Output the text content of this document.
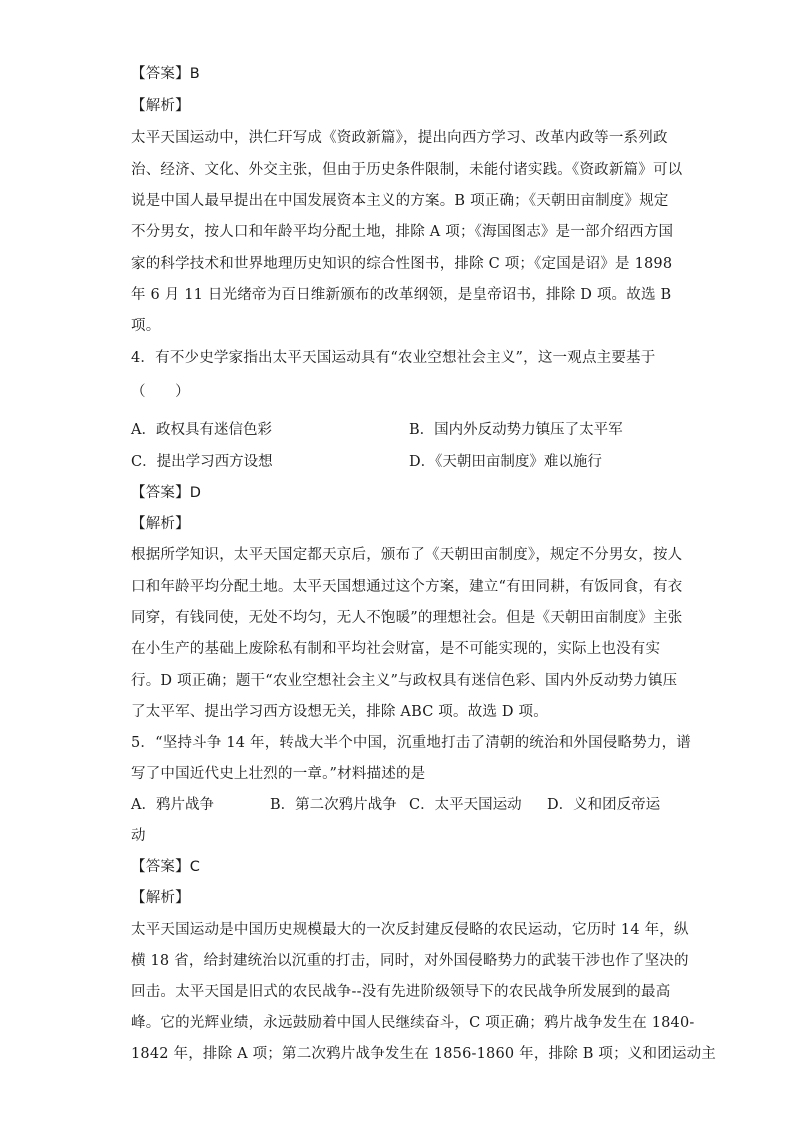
【答案】B
【解析】
太平天国运动中，洪仁玕写成《资政新篇》，提出向西方学习、改革内政等一系列政
治、经济、文化、外交主张，但由于历史条件限制，未能付诸实践。《资政新篇》可以
说是中国人最早提出在中国发展资本主义的方案。B 项正确；《天朝田亩制度》规定
不分男女，按人口和年龄平均分配土地，排除 A 项；《海国图志》是一部介绍西方国
家的科学技术和世界地理历史知识的综合性图书，排除 C 项；《定国是诏》是 1898
年 6 月 11 日光绪帝为百日维新颁布的改革纲领，是皇帝诏书，排除 D 项。故选 B
项。
4．有不少史学家指出太平天国运动具有“农业空想社会主义”，这一观点主要基于
（　　）
A．政权具有迷信色彩	B．国内外反动势力镇压了太平军
C．提出学习西方设想	D．《天朝田亩制度》难以施行
【答案】D
【解析】
根据所学知识，太平天国定都天京后，颁布了《天朝田亩制度》，规定不分男女，按人
口和年龄平均分配土地。太平天国想通过这个方案，建立“有田同耕，有饭同食，有衣
同穿，有钱同使，无处不均匀，无人不饱暖”的理想社会。但是《天朝田亩制度》主张
在小生产的基础上废除私有制和平均社会财富，是不可能实现的，实际上也没有实
行。D 项正确；题干“农业空想社会主义”与政权具有迷信色彩、国内外反动势力镇压
了太平军、提出学习西方设想无关，排除 ABC 项。故选 D 项。
5．“坚持斗争 14 年，转战大半个中国，沉重地打击了清朝的统治和外国侵略势力，谱
写了中国近代史上壮烈的一章。”材料描述的是
A．鸦片战争	B．第二次鸦片战争 C．太平天国运动 D．义和团反帝运
动
【答案】C
【解析】
太平天国运动是中国历史规模最大的一次反封建反侵略的农民运动，它历时 14 年，纵
横 18 省，给封建统治以沉重的打击，同时，对外国侵略势力的武装干涉也作了坚决的
回击。太平天国是旧式的农民战争--没有先进阶级领导下的农民战争所发展到的最高
峰。它的光辉业绩，永远鼓励着中国人民继续奋斗，C 项正确；鸦片战争发生在 1840-
1842 年，排除 A 项；第二次鸦片战争发生在 1856-1860 年，排除 B 项；义和团运动主
